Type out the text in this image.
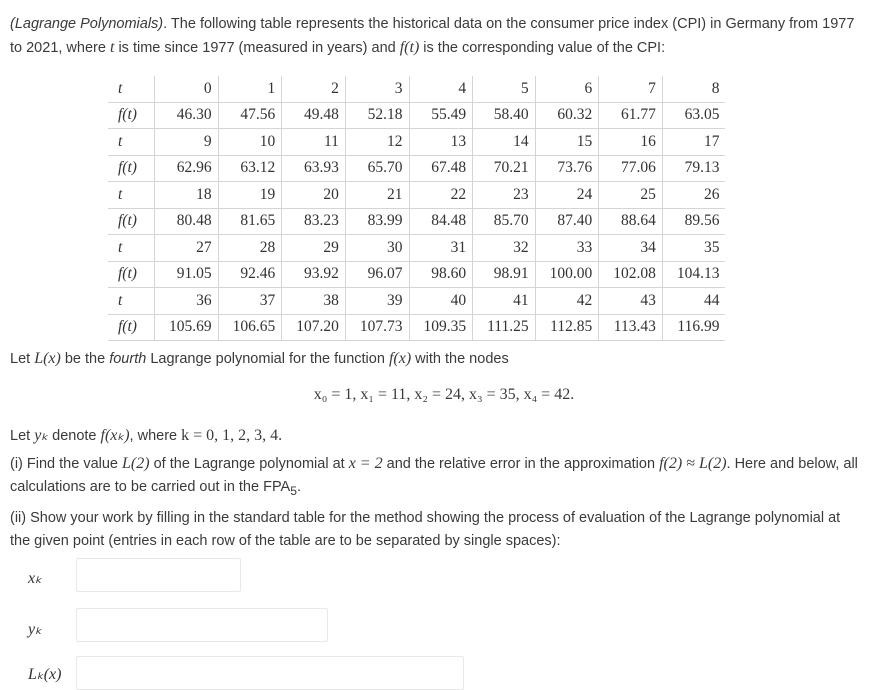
(Lagrange Polynomials). The following table represents the historical data on the consumer price index (CPI) in Germany from 1977 to 2021, where t is time since 1977 (measured in years) and f(t) is the corresponding value of the CPI:
t	0	1	2	3	4	5	6	7	8
f(t)	46.30	47.56	49.48	52.18	55.49	58.40	60.32	61.77	63.05
t	9	10	11	12	13	14	15	16	17
f(t)	62.96	63.12	63.93	65.70	67.48	70.21	73.76	77.06	79.13
t	18	19	20	21	22	23	24	25	26
f(t)	80.48	81.65	83.23	83.99	84.48	85.70	87.40	88.64	89.56
t	27	28	29	30	31	32	33	34	35
f(t)	91.05	92.46	93.92	96.07	98.60	98.91	100.00	102.08	104.13
t	36	37	38	39	40	41	42	43	44
f(t)	105.69	106.65	107.20	107.73	109.35	111.25	112.85	113.43	116.99
Let L(x) be the fourth Lagrange polynomial for the function f(x) with the nodes
x₀ = 1, x₁ = 11, x₂ = 24, x₃ = 35, x₄ = 42.
Let yₖ denote f(xₖ), where k = 0, 1, 2, 3, 4.
(i) Find the value L(2) of the Lagrange polynomial at x = 2 and the relative error in the approximation f(2) ≈ L(2). Here and below, all calculations are to be carried out in the $FPA_5$.
(ii) Show your work by filling in the standard table for the method showing the process of evaluation of the Lagrange polynomial at the given point (entries in each row of the table are to be separated by single spaces):
xₖ
yₖ
Lₖ(x)
